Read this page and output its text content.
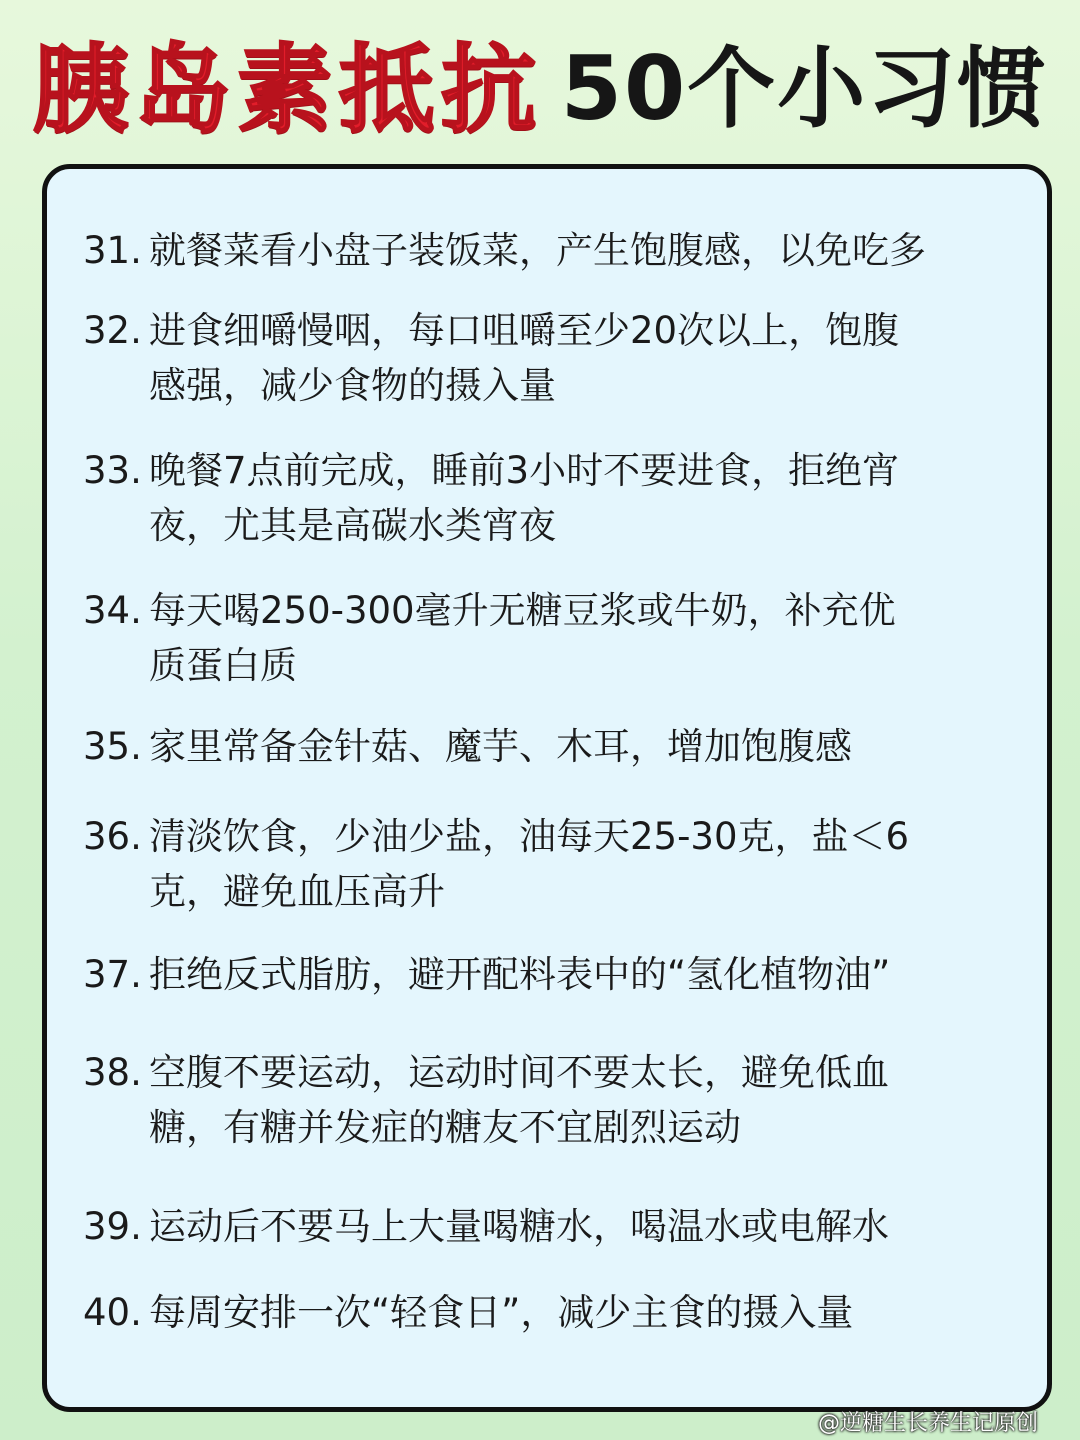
胰岛素抵抗 50个小习惯
31. 就餐菜看小盘子装饭菜，产生饱腹感，以免吃多
32. 进食细嚼慢咽，每口咀嚼至少20次以上，饱腹
感强，减少食物的摄入量
33. 晚餐7点前完成，睡前3小时不要进食，拒绝宵
夜，尤其是高碳水类宵夜
34. 每天喝250-300毫升无糖豆浆或牛奶，补充优
质蛋白质
35. 家里常备金针菇、魔芋、木耳，增加饱腹感
36. 清淡饮食，少油少盐，油每天25-30克，盐＜6
克，避免血压高升
37. 拒绝反式脂肪，避开配料表中的“氢化植物油”
38. 空腹不要运动，运动时间不要太长，避免低血
糖，有糖并发症的糖友不宜剧烈运动
39. 运动后不要马上大量喝糖水，喝温水或电解水
40. 每周安排一次“轻食日”，减少主食的摄入量
@逆糖生长养生记原创
